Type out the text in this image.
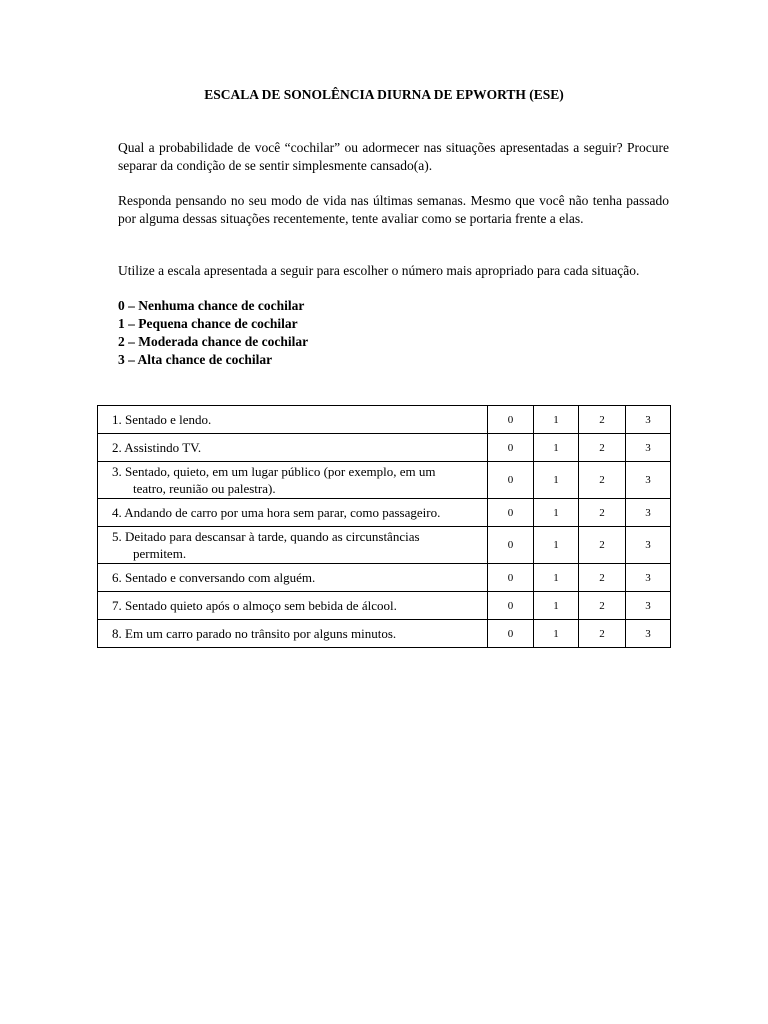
ESCALA DE SONOLÊNCIA DIURNA DE EPWORTH (ESE)

Qual a probabilidade de você “cochilar” ou adormecer nas situações apresentadas a seguir? Procure separar da condição de se sentir simplesmente cansado(a).

Responda pensando no seu modo de vida nas últimas semanas. Mesmo que você não tenha passado por alguma dessas situações recentemente, tente avaliar como se portaria frente a elas.

Utilize a escala apresentada a seguir para escolher o número mais apropriado para cada situação.

0 – Nenhuma chance de cochilar
1 – Pequena chance de cochilar
2 – Moderada chance de cochilar
3 – Alta chance de cochilar
1. Sentado e lendo.	0	1	2	3

2. Assistindo TV.	0	1	2	3

3. Sentado, quieto, em um lugar público (por exemplo, em um
teatro, reunião ou palestra).	0	1	2	3

4. Andando de carro por uma hora sem parar, como passageiro.	0	1	2	3

5. Deitado para descansar à tarde, quando as circunstâncias
permitem.	0	1	2	3

6. Sentado e conversando com alguém.	0	1	2	3

7. Sentado quieto após o almoço sem bebida de álcool.	0	1	2	3

8. Em um carro parado no trânsito por alguns minutos.	0	1	2	3
